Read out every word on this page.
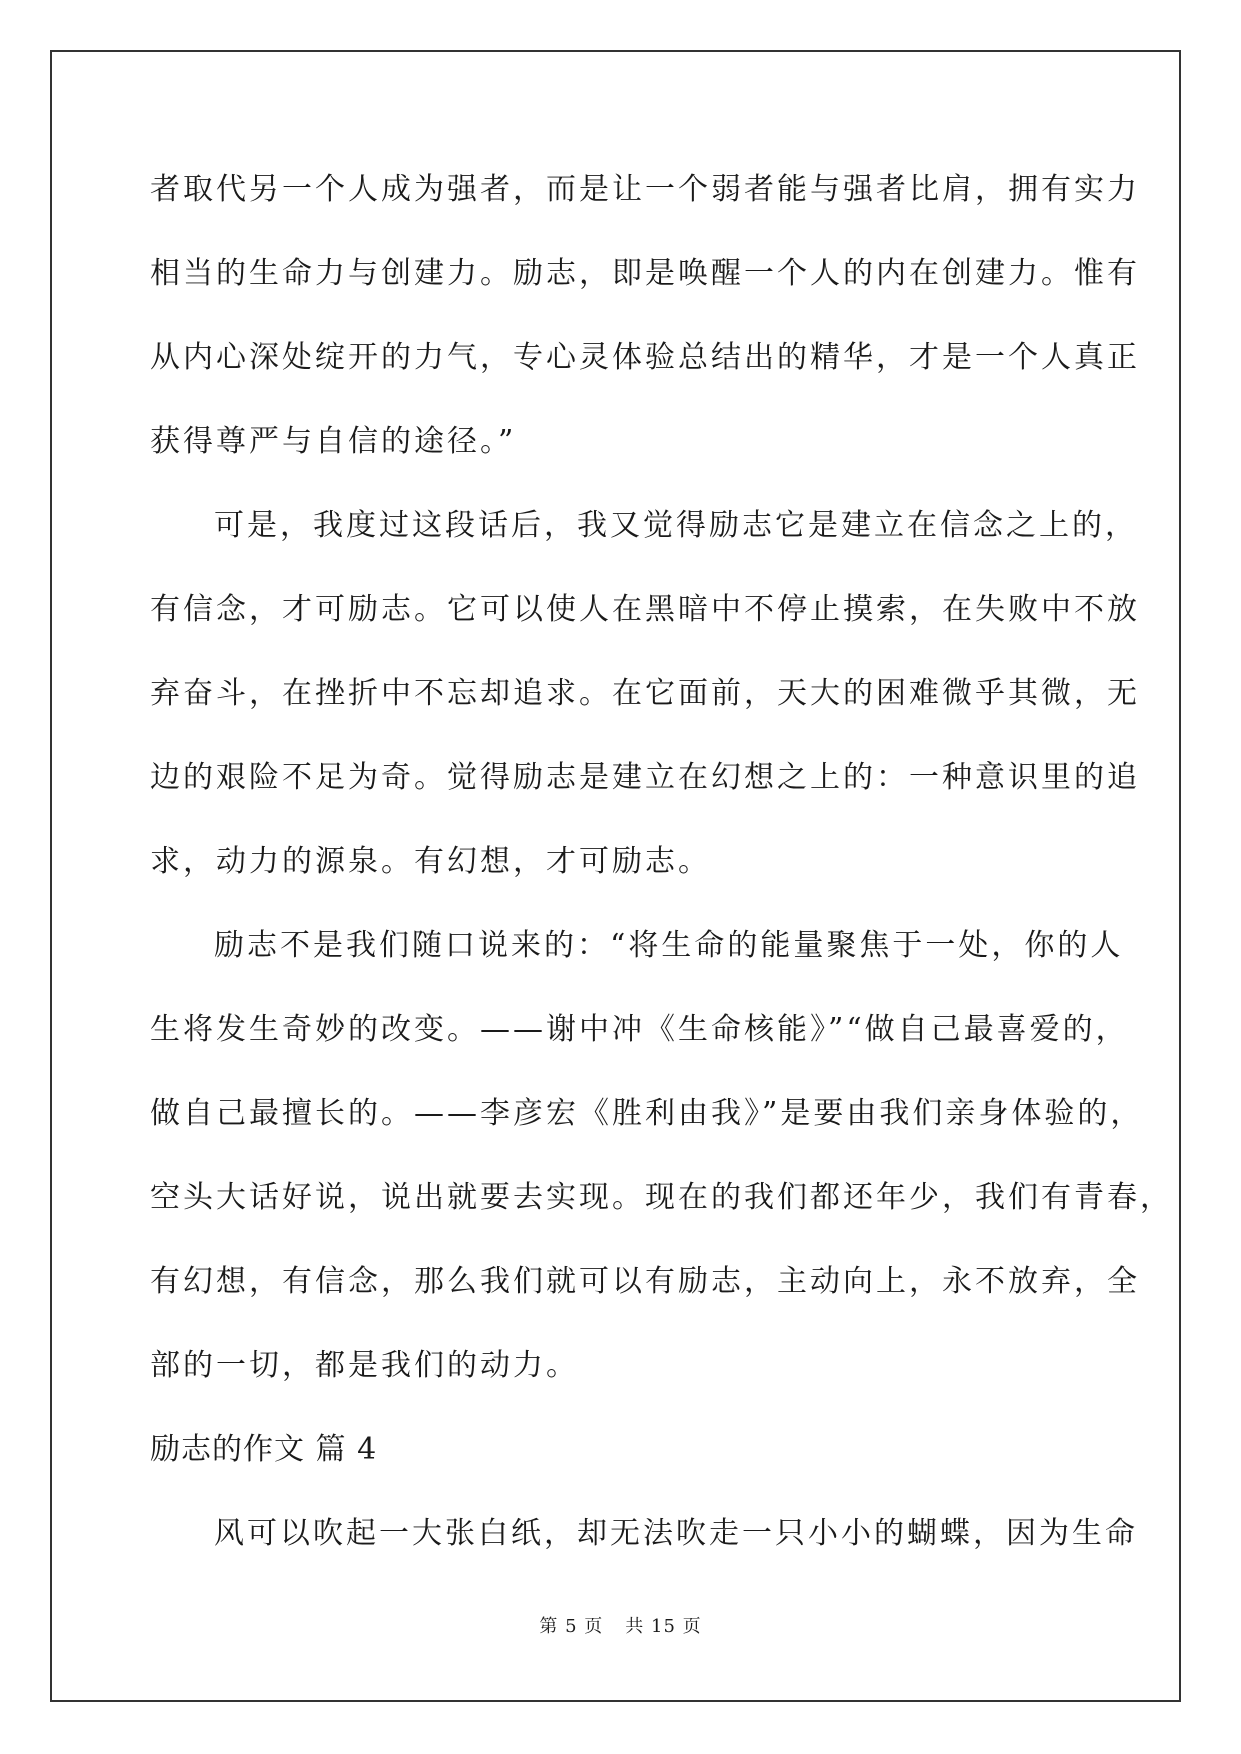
者取代另一个人成为强者，而是让一个弱者能与强者比肩，拥有实力
相当的生命力与创建力。励志，即是唤醒一个人的内在创建力。惟有
从内心深处绽开的力气，专心灵体验总结出的精华，才是一个人真正
获得尊严与自信的途径。”
可是，我度过这段话后，我又觉得励志它是建立在信念之上的，
有信念，才可励志。它可以使人在黑暗中不停止摸索，在失败中不放
弃奋斗，在挫折中不忘却追求。在它面前，天大的困难微乎其微，无
边的艰险不足为奇。觉得励志是建立在幻想之上的：一种意识里的追
求，动力的源泉。有幻想，才可励志。
励志不是我们随口说来的：“将生命的能量聚焦于一处，你的人
生将发生奇妙的改变。——谢中冲《生命核能》”“做自己最喜爱的，
做自己最擅长的。——李彦宏《胜利由我》”是要由我们亲身体验的，
空头大话好说，说出就要去实现。现在的我们都还年少，我们有青春，
有幻想，有信念，那么我们就可以有励志，主动向上，永不放弃，全
部的一切，都是我们的动力。
励志的作文 篇 4
风可以吹起一大张白纸，却无法吹走一只小小的蝴蝶，因为生命
第 5 页 共 15 页
